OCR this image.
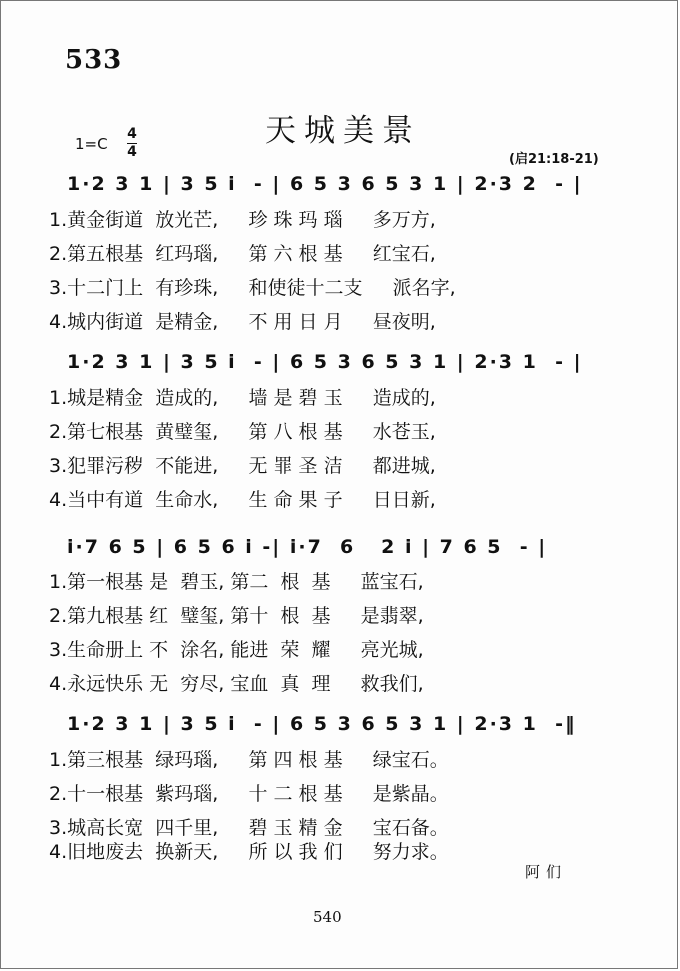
533
天城美景
1=C
4
4	(启21:18-21)
1·2 3 1 | 3 5 i  - | 6 5 3 6 5 3 1 | 2·3 2  - |
1.黄金街道  放光芒,     珍 珠 玛 瑙     多万方,
2.第五根基  红玛瑙,     第 六 根 基     红宝石,
3.十二门上  有珍珠,     和使徒十二支     派名字,
4.城内街道  是精金,     不 用 日 月     昼夜明,
1·2 3 1 | 3 5 i  - | 6 5 3 6 5 3 1 | 2·3 1  - |
1.城是精金  造成的,     墙 是 碧 玉     造成的,
2.第七根基  黄璧玺,     第 八 根 基     水苍玉,
3.犯罪污秽  不能进,     无 罪 圣 洁     都进城,
4.当中有道  生命水,     生 命 果 子     日日新,
i·7 6 5 | 6 5 6 i -| i·7  6   2 i | 7 6 5  - |
1.第一根基 是  碧玉, 第二  根  基     蓝宝石,
2.第九根基 红  璧玺, 第十  根  基     是翡翠,
3.生命册上 不  涂名, 能进  荣  耀     亮光城,
4.永远快乐 无  穷尽, 宝血  真  理     救我们,
1·2 3 1 | 3 5 i  - | 6 5 3 6 5 3 1 | 2·3 1  -‖
1.第三根基  绿玛瑙,     第 四 根 基     绿宝石。
2.十一根基  紫玛瑙,     十 二 根 基     是紫晶。
3.城高长宽  四千里,     碧 玉 精 金     宝石备。
4.旧地废去  换新天,     所 以 我 们     努力求。
阿们
540
